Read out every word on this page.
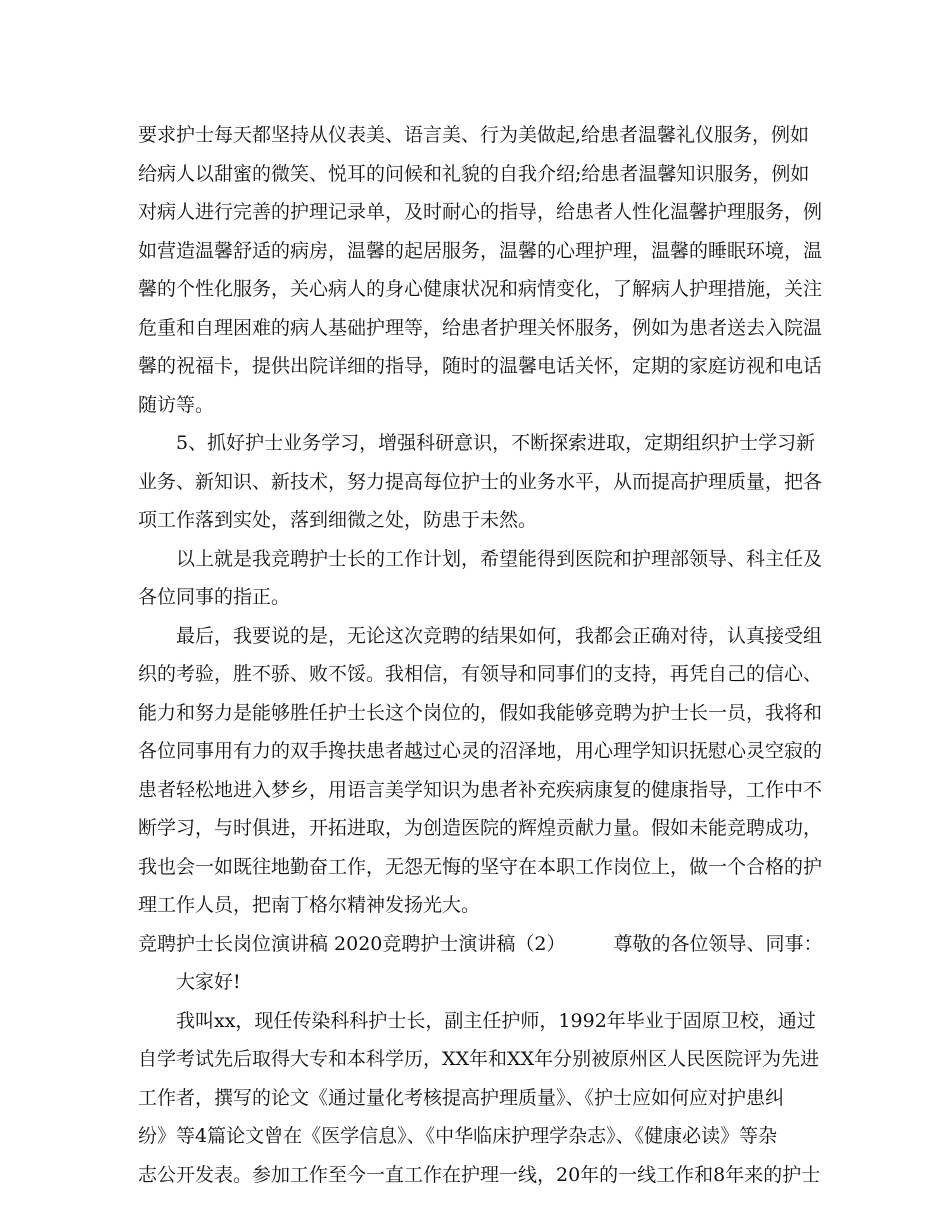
要求护士每天都坚持从仪表美、语言美、行为美做起,给患者温馨礼仪服务，例如
给病人以甜蜜的微笑、悦耳的问候和礼貌的自我介绍;给患者温馨知识服务，例如
对病人进行完善的护理记录单，及时耐心的指导，给患者人性化温馨护理服务，例
如营造温馨舒适的病房，温馨的起居服务，温馨的心理护理，温馨的睡眠环境，温
馨的个性化服务，关心病人的身心健康状况和病情变化，了解病人护理措施，关注
危重和自理困难的病人基础护理等，给患者护理关怀服务，例如为患者送去入院温
馨的祝福卡，提供出院详细的指导，随时的温馨电话关怀，定期的家庭访视和电话
随访等。
5、抓好护士业务学习，增强科研意识，不断探索进取，定期组织护士学习新
业务、新知识、新技术，努力提高每位护士的业务水平，从而提高护理质量，把各
项工作落到实处，落到细微之处，防患于未然。
以上就是我竞聘护士长的工作计划，希望能得到医院和护理部领导、科主任及
各位同事的指正。
最后，我要说的是，无论这次竞聘的结果如何，我都会正确对待，认真接受组
织的考验，胜不骄、败不馁。我相信，有领导和同事们的支持，再凭自己的信心、
能力和努力是能够胜任护士长这个岗位的，假如我能够竞聘为护士长一员，我将和
各位同事用有力的双手搀扶患者越过心灵的沼泽地，用心理学知识抚慰心灵空寂的
患者轻松地进入梦乡，用语言美学知识为患者补充疾病康复的健康指导，工作中不
断学习，与时俱进，开拓进取，为创造医院的辉煌贡献力量。假如未能竞聘成功，
我也会一如既往地勤奋工作，无怨无悔的坚守在本职工作岗位上，做一个合格的护
理工作人员，把南丁格尔精神发扬光大。
竞聘护士长岗位演讲稿 2020竞聘护士演讲稿（2）	尊敬的各位领导、同事：
大家好!
我叫xx，现任传染科科护士长，副主任护师，1992年毕业于固原卫校，通过
自学考试先后取得大专和本科学历，XX年和XX年分别被原州区人民医院评为先进
工作者，撰写的论文《通过量化考核提高护理质量》、《护士应如何应对护患纠
纷》等4篇论文曾在《医学信息》、《中华临床护理学杂志》、《健康必读》等杂
志公开发表。参加工作至今一直工作在护理一线，20年的一线工作和8年来的护士
